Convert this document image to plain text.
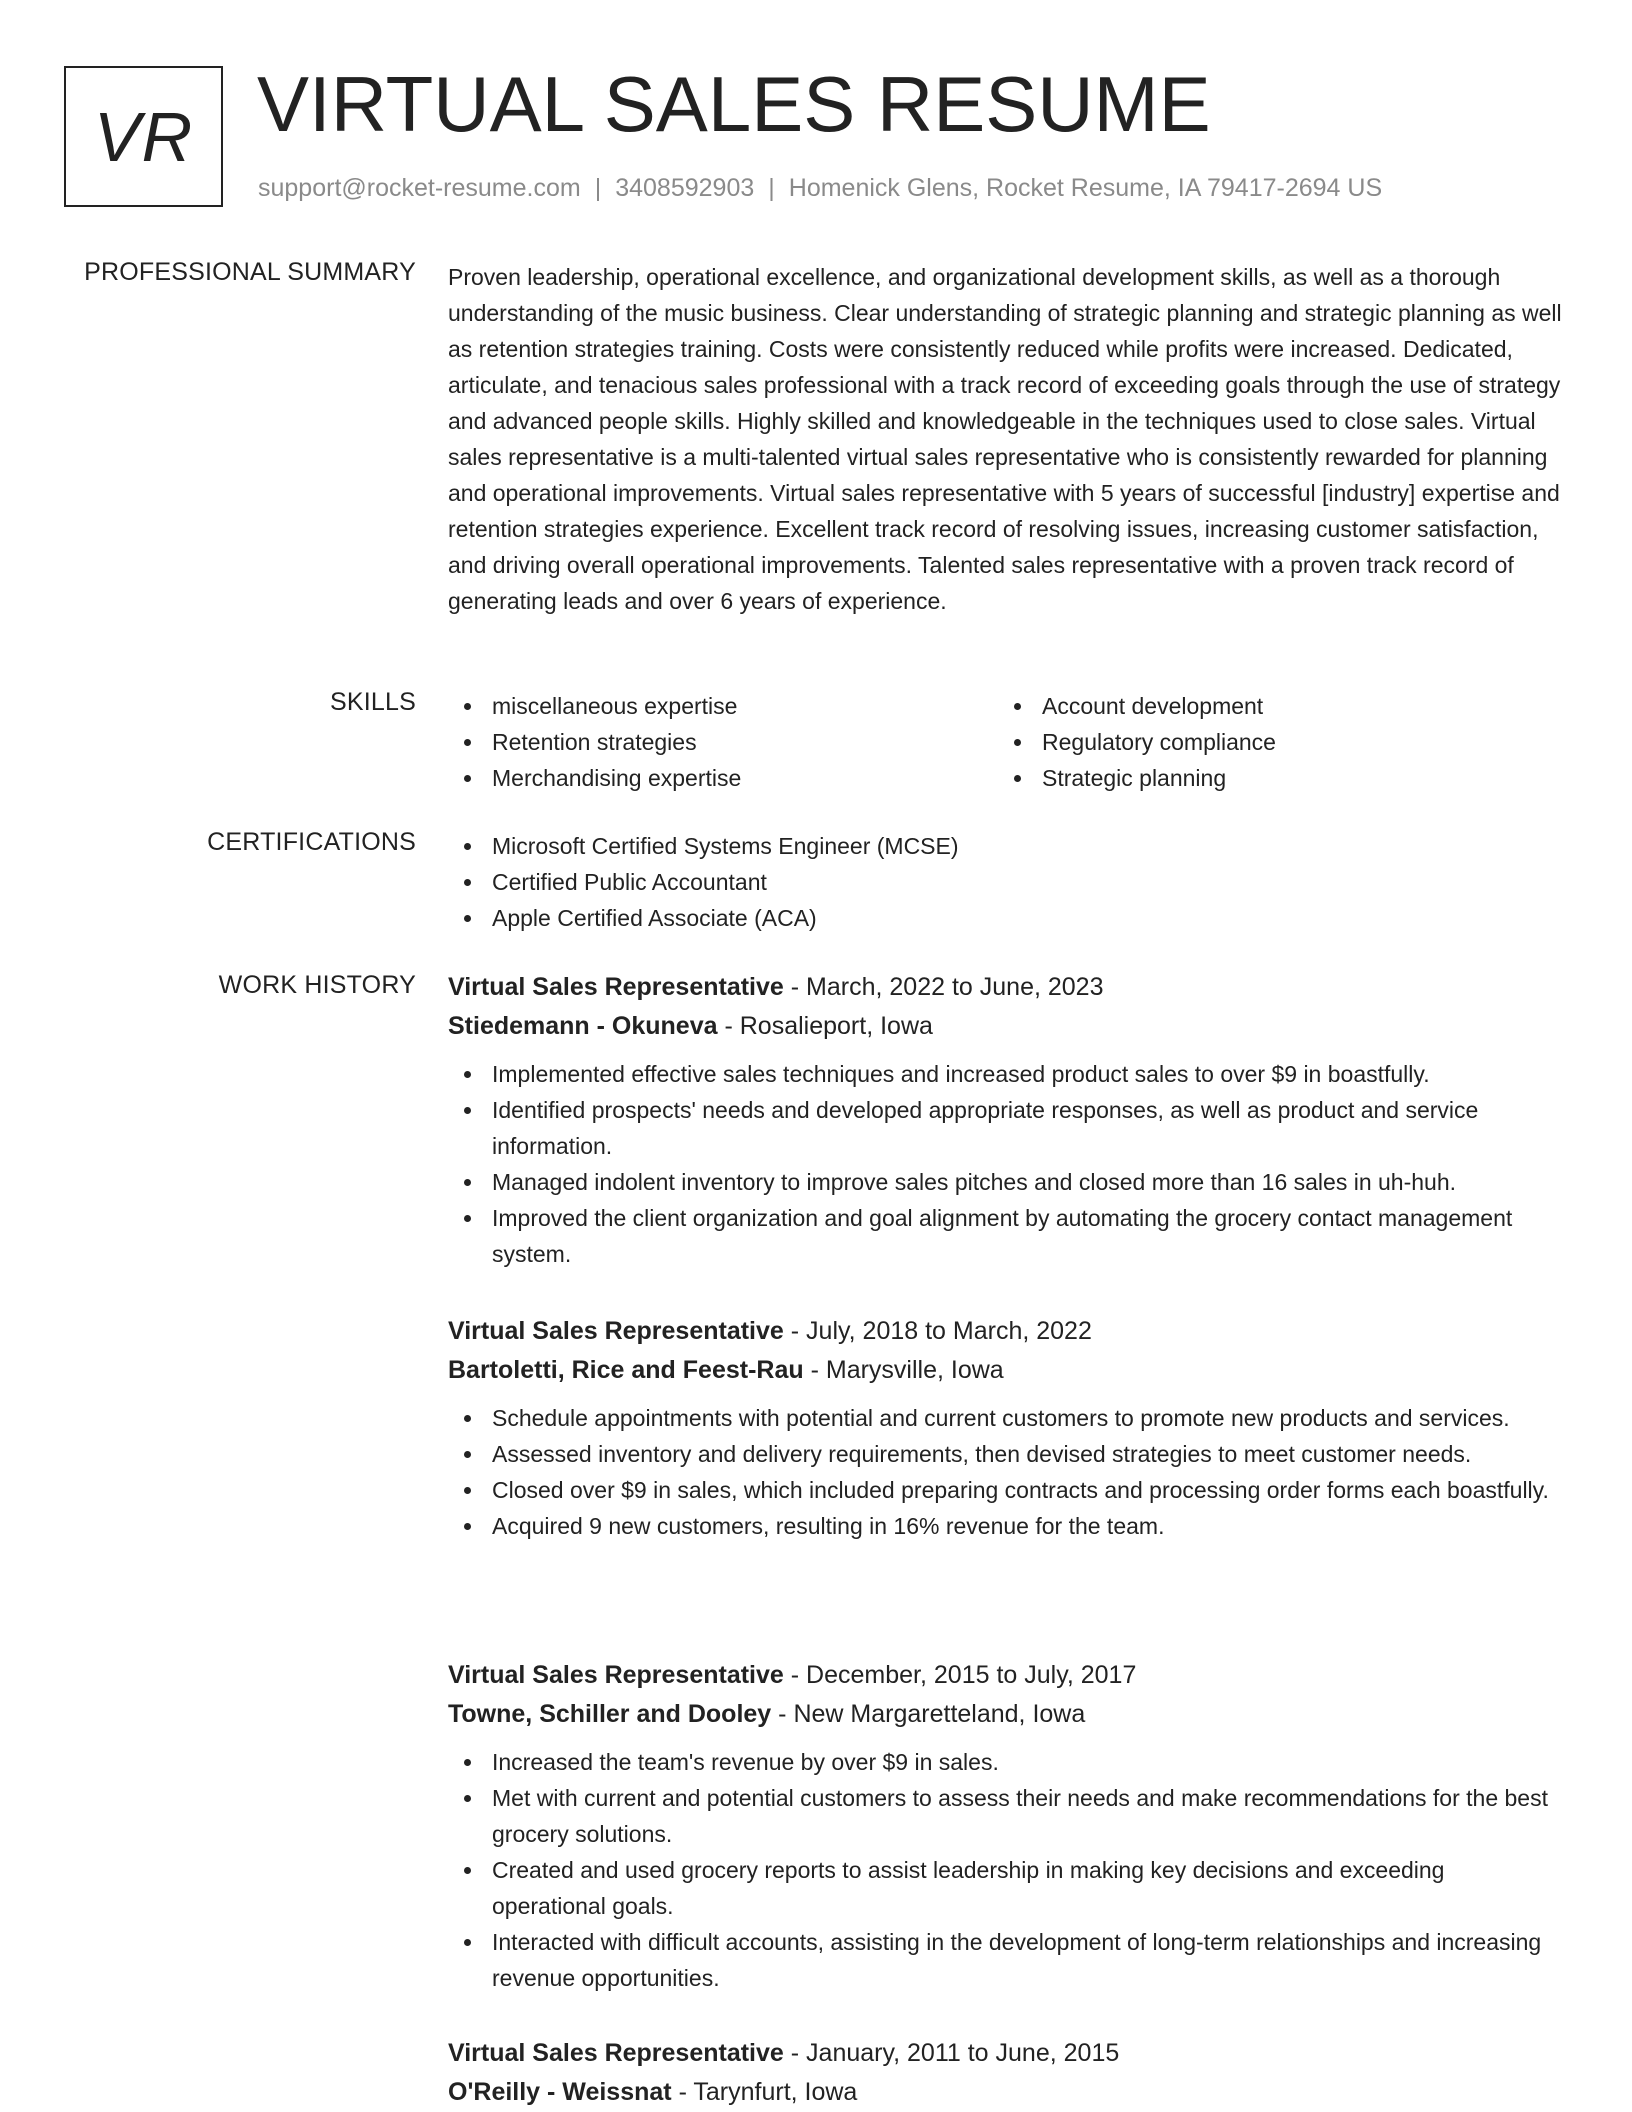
VR VIRTUAL SALES RESUME
support@rocket-resume.com | 3408592903 | Homenick Glens, Rocket Resume, IA 79417-2694 US
PROFESSIONAL SUMMARY Proven leadership, operational excellence, and organizational development skills, as well as a thorough understanding of the music business. Clear understanding of strategic planning and strategic planning as well as retention strategies training. Costs were consistently reduced while profits were increased. Dedicated, articulate, and tenacious sales professional with a track record of exceeding goals through the use of strategy and advanced people skills. Highly skilled and knowledgeable in the techniques used to close sales. Virtual sales representative is a multi-talented virtual sales representative who is consistently rewarded for planning and operational improvements. Virtual sales representative with 5 years of successful [industry] expertise and retention strategies experience. Excellent track record of resolving issues, increasing customer satisfaction, and driving overall operational improvements. Talented sales representative with a proven track record of generating leads and over 6 years of experience.

SKILLS	miscellaneous expertise
Retention strategies
Merchandising expertise
Account development
Regulatory compliance
Strategic planning
CERTIFICATIONS	Microsoft Certified Systems Engineer (MCSE)
Certified Public Accountant
Apple Certified Associate (ACA)
WORK HISTORY Virtual Sales Representative - March, 2022 to June, 2023
Stiedemann - Okuneva - Rosalieport, Iowa
Implemented effective sales techniques and increased product sales to over $9 in boastfully.
Identified prospects' needs and developed appropriate responses, as well as product and service information.
Managed indolent inventory to improve sales pitches and closed more than 16 sales in uh-huh.
Improved the client organization and goal alignment by automating the grocery contact management system.
Virtual Sales Representative - July, 2018 to March, 2022
Bartoletti, Rice and Feest-Rau - Marysville, Iowa
Schedule appointments with potential and current customers to promote new products and services.
Assessed inventory and delivery requirements, then devised strategies to meet customer needs.
Closed over $9 in sales, which included preparing contracts and processing order forms each boastfully.
Acquired 9 new customers, resulting in 16% revenue for the team.
Virtual Sales Representative - December, 2015 to July, 2017
Towne, Schiller and Dooley - New Margaretteland, Iowa
Increased the team's revenue by over $9 in sales.
Met with current and potential customers to assess their needs and make recommendations for the best grocery solutions.
Created and used grocery reports to assist leadership in making key decisions and exceeding operational goals.
Interacted with difficult accounts, assisting in the development of long-term relationships and increasing revenue opportunities.
Virtual Sales Representative - January, 2011 to June, 2015
O'Reilly - Weissnat - Tarynfurt, Iowa
